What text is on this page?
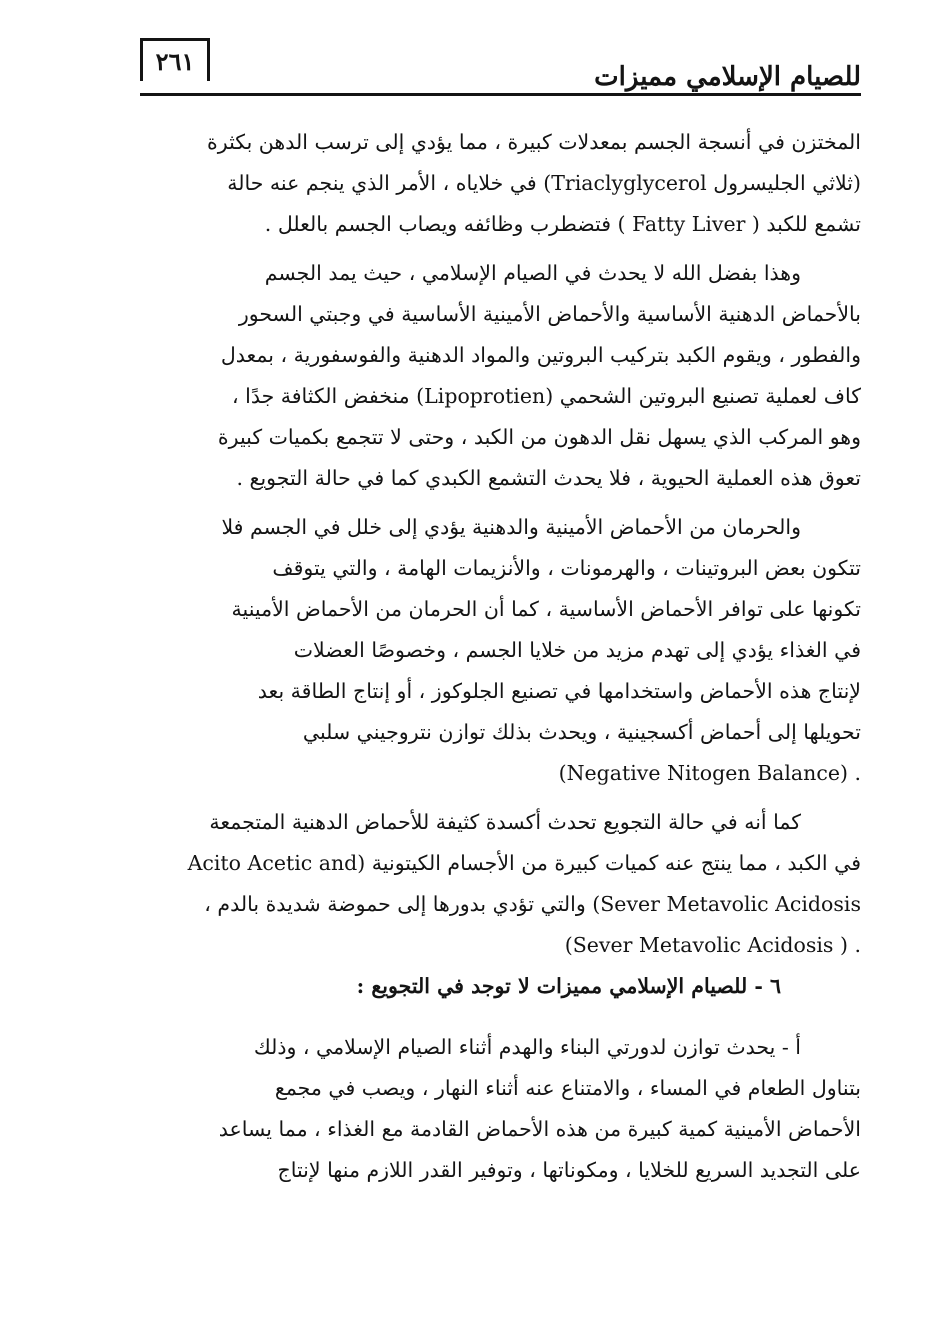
٢٦١
للصيام الإسلامي مميزات
المختزن في أنسجة الجسم بمعدلات كبيرة ، مما يؤدي إلى ترسب الدهن بكثرة
(ثلاثي الجليسرول Triaclyglycerol) في خلاياه ، الأمر الذي ينجم عنه حالة
تشمع للكبد ( Fatty Liver ) فتضطرب وظائفه ويصاب الجسم بالعلل .
وهذا بفضل الله لا يحدث في الصيام الإسلامي ، حيث يمد الجسم
بالأحماض الدهنية الأساسية والأحماض الأمينية الأساسية في وجبتي السحور
والفطور ، ويقوم الكبد بتركيب البروتين والمواد الدهنية والفوسفورية ، بمعدل
كاف لعملية تصنيع البروتين الشحمي (Lipoprotien) منخفض الكثافة جدًا ،
وهو المركب الذي يسهل نقل الدهون من الكبد ، وحتى لا تتجمع بكميات كبيرة
تعوق هذه العملية الحيوية ، فلا يحدث التشمع الكبدي كما في حالة التجويع .
والحرمان من الأحماض الأمينية والدهنية يؤدي إلى خلل في الجسم فلا
تتكون بعض البروتينات ، والهرمونات ، والأنزيمات الهامة ، والتي يتوقف
تكونها على توافر الأحماض الأساسية ، كما أن الحرمان من الأحماض الأمينية
في الغذاء يؤدي إلى تهدم مزيد من خلايا الجسم ، وخصوصًا العضلات
لإنتاج هذه الأحماض واستخدامها في تصنيع الجلوكوز ، أو إنتاج الطاقة بعد
تحويلها إلى أحماض أكسجينية ، ويحدث بذلك توازن نتروجيني سلبي
. (Negative Nitogen Balance)
كما أنه في حالة التجويع تحدث أكسدة كثيفة للأحماض الدهنية المتجمعة
في الكبد ، مما ينتج عنه كميات كبيرة من الأجسام الكيتونية (Acito Acetic and
Sever Metavolic Acidosis) والتي تؤدي بدورها إلى حموضة شديدة بالدم ،
. ( Sever Metavolic Acidosis)
٦ - للصيام الإسلامي مميزات لا توجد في التجويع :
أ - يحدث توازن لدورتي البناء والهدم أثناء الصيام الإسلامي ، وذلك
بتناول الطعام في المساء ، والامتناع عنه أثناء النهار ، ويصب في مجمع
الأحماض الأمينية كمية كبيرة من هذه الأحماض القادمة مع الغذاء ، مما يساعد
على التجديد السريع للخلايا ، ومكوناتها ، وتوفير القدر اللازم منها لإنتاج
